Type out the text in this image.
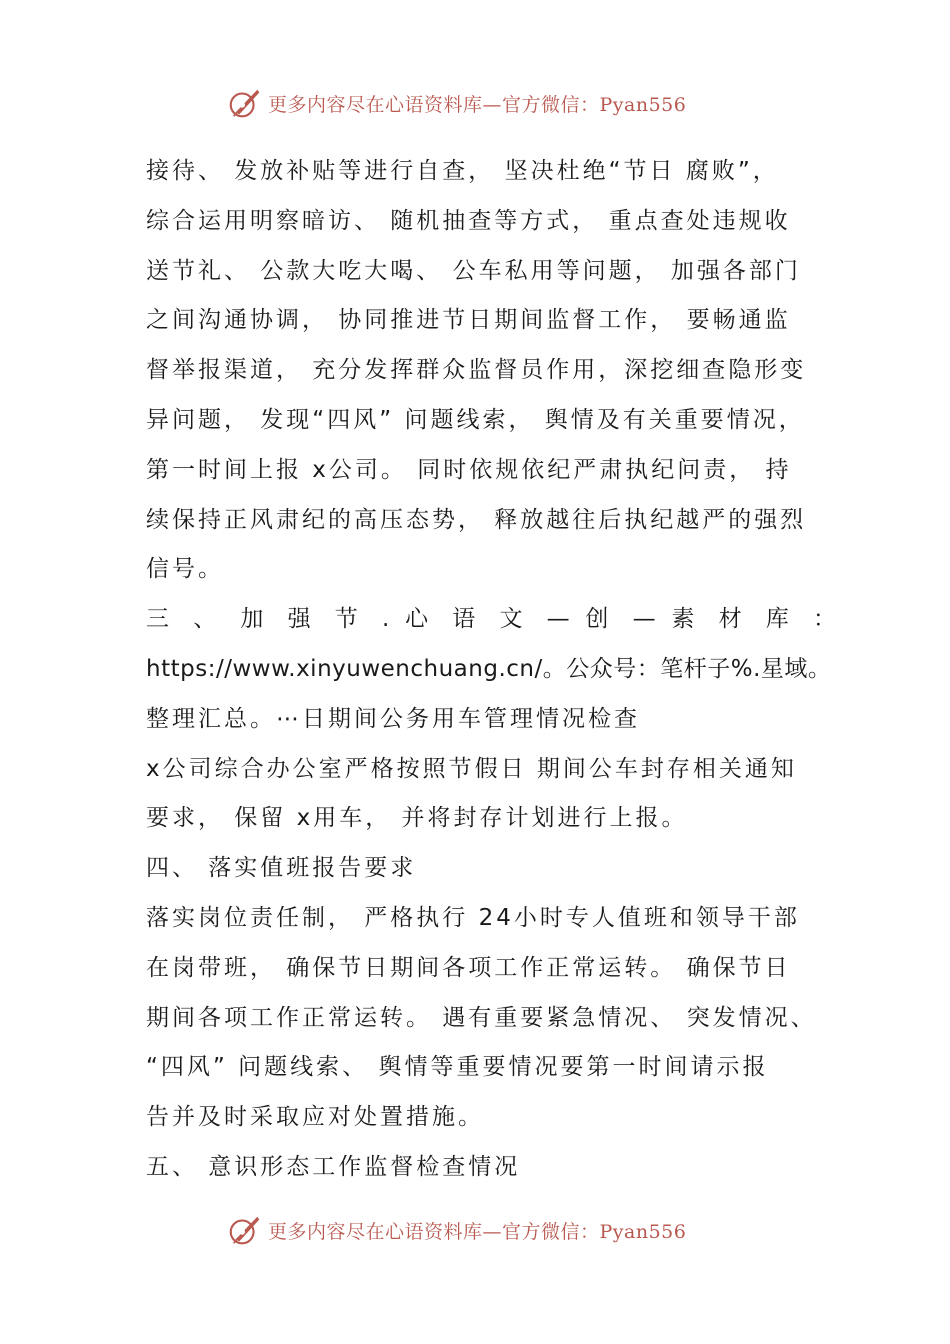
更多内容尽在心语资料库—官方微信：Pyan556
接待、 发放补贴等进行自查， 坚决杜绝“节日 腐败”，
综合运用明察暗访、 随机抽查等方式， 重点查处违规收
送节礼、 公款大吃大喝、 公车私用等问题， 加强各部门
之间沟通协调， 协同推进节日期间监督工作， 要畅通监
督举报渠道， 充分发挥群众监督员作用，深挖细查隐形变
异问题， 发现“四风” 问题线索， 舆情及有关重要情况，
第一时间上报 x公司。 同时依规依纪严肃执纪问责， 持
续保持正风肃纪的高压态势， 释放越往后执纪越严的强烈
信号。
三 、 加 强 节 . 心 语 文 — 创 — 素 材 库 ：
https://www.xinyuwenchuang.cn/。公众号：笔杆子%.星域。
整理汇总。⋯日期间公务用车管理情况检查
x公司综合办公室严格按照节假日 期间公车封存相关通知
要求， 保留 x用车， 并将封存计划进行上报。
四、 落实值班报告要求
落实岗位责任制， 严格执行 24小时专人值班和领导干部
在岗带班， 确保节日期间各项工作正常运转。 确保节日
期间各项工作正常运转。 遇有重要紧急情况、 突发情况、
“四风” 问题线索、 舆情等重要情况要第一时间请示报
告并及时采取应对处置措施。
五、 意识形态工作监督检查情况
更多内容尽在心语资料库—官方微信：Pyan556
